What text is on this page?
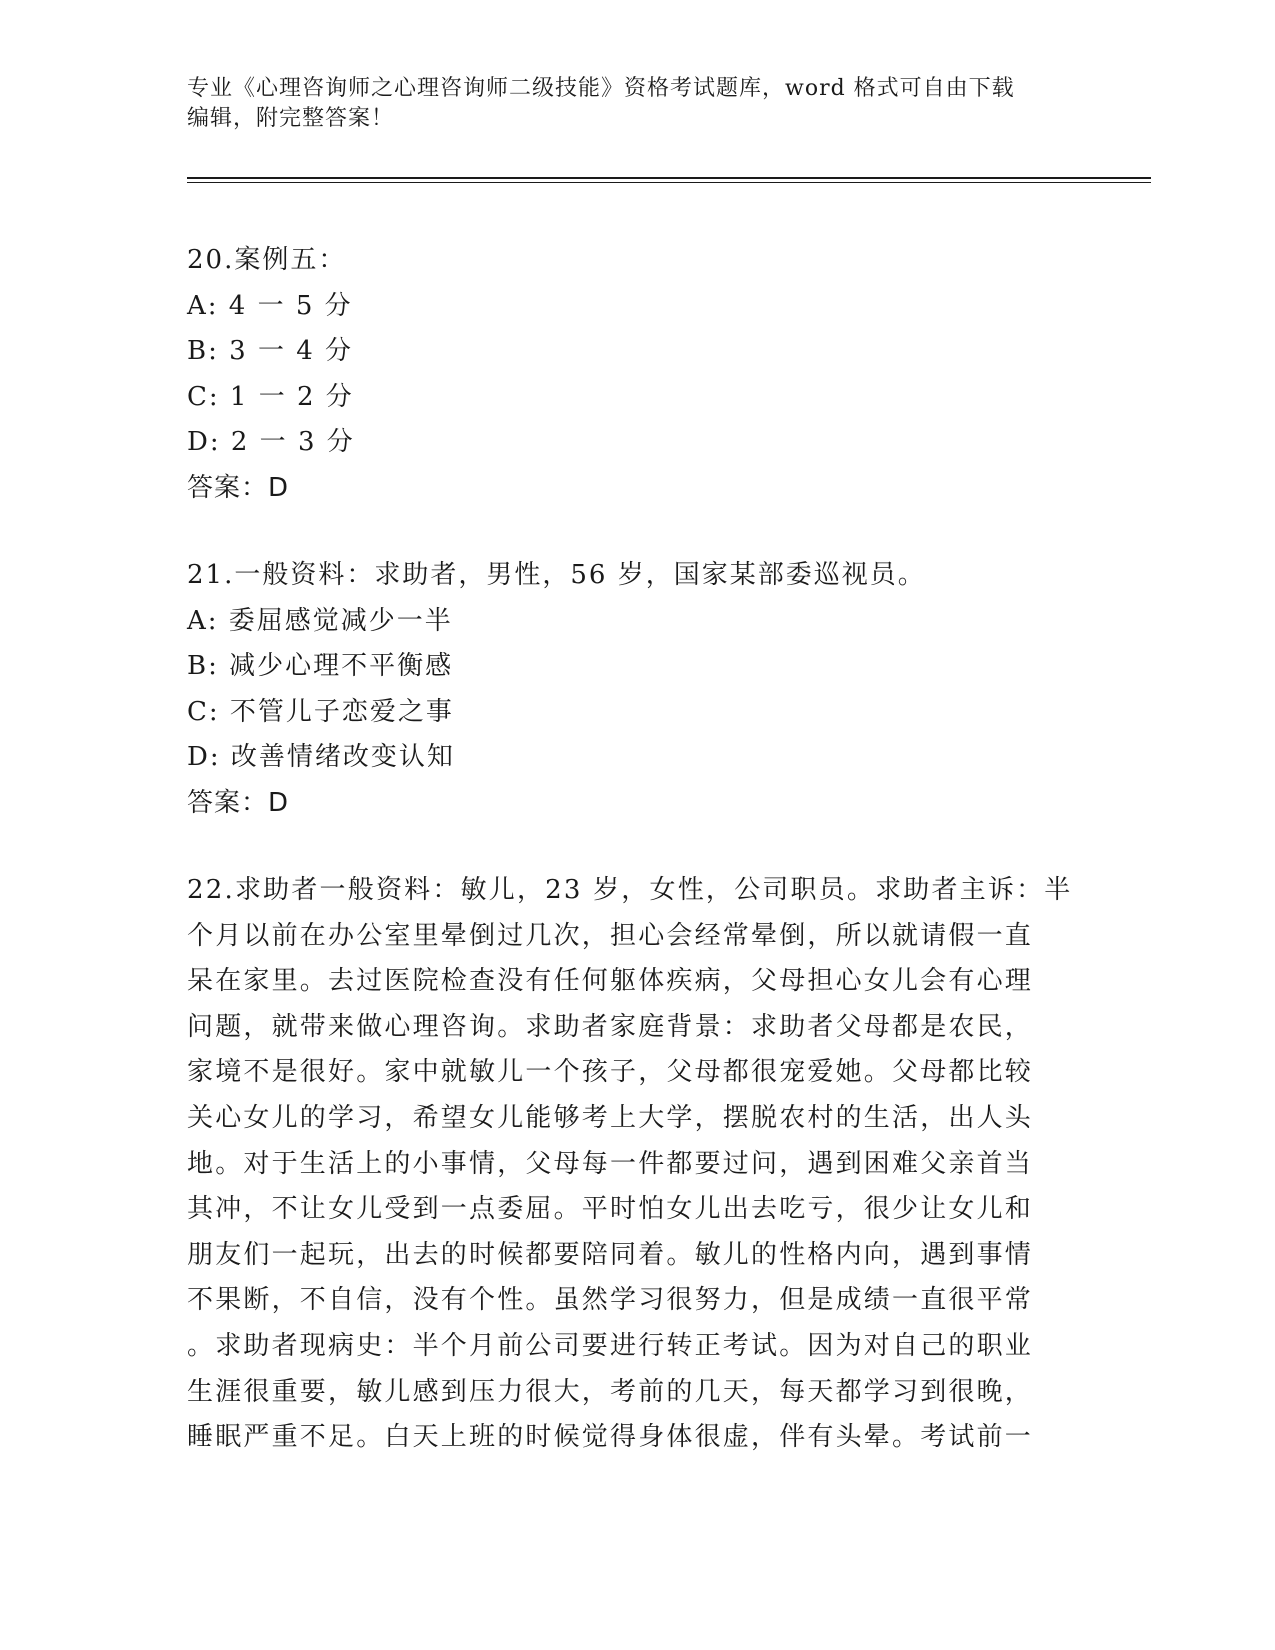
专业《心理咨询师之心理咨询师二级技能》资格考试题库，word 格式可自由下载
编辑，附完整答案！
20.案例五：
A: 4 一 5 分
B: 3 一 4 分
C: 1 一 2 分
D: 2 一 3 分
答案：D
21.一般资料：求助者，男性，56 岁，国家某部委巡视员。
A: 委屈感觉减少一半
B: 减少心理不平衡感
C: 不管儿子恋爱之事
D: 改善情绪改变认知
答案：D
22.求助者一般资料：敏儿，23 岁，女性，公司职员。求助者主诉：半
个月以前在办公室里晕倒过几次，担心会经常晕倒，所以就请假一直
呆在家里。去过医院检查没有任何躯体疾病，父母担心女儿会有心理
问题，就带来做心理咨询。求助者家庭背景：求助者父母都是农民，
家境不是很好。家中就敏儿一个孩子，父母都很宠爱她。父母都比较
关心女儿的学习，希望女儿能够考上大学，摆脱农村的生活，出人头
地。对于生活上的小事情，父母每一件都要过问，遇到困难父亲首当
其冲，不让女儿受到一点委屈。平时怕女儿出去吃亏，很少让女儿和
朋友们一起玩，出去的时候都要陪同着。敏儿的性格内向，遇到事情
不果断，不自信，没有个性。虽然学习很努力，但是成绩一直很平常
。求助者现病史：半个月前公司要进行转正考试。因为对自己的职业
生涯很重要，敏儿感到压力很大，考前的几天，每天都学习到很晚，
睡眠严重不足。白天上班的时候觉得身体很虚，伴有头晕。考试前一
